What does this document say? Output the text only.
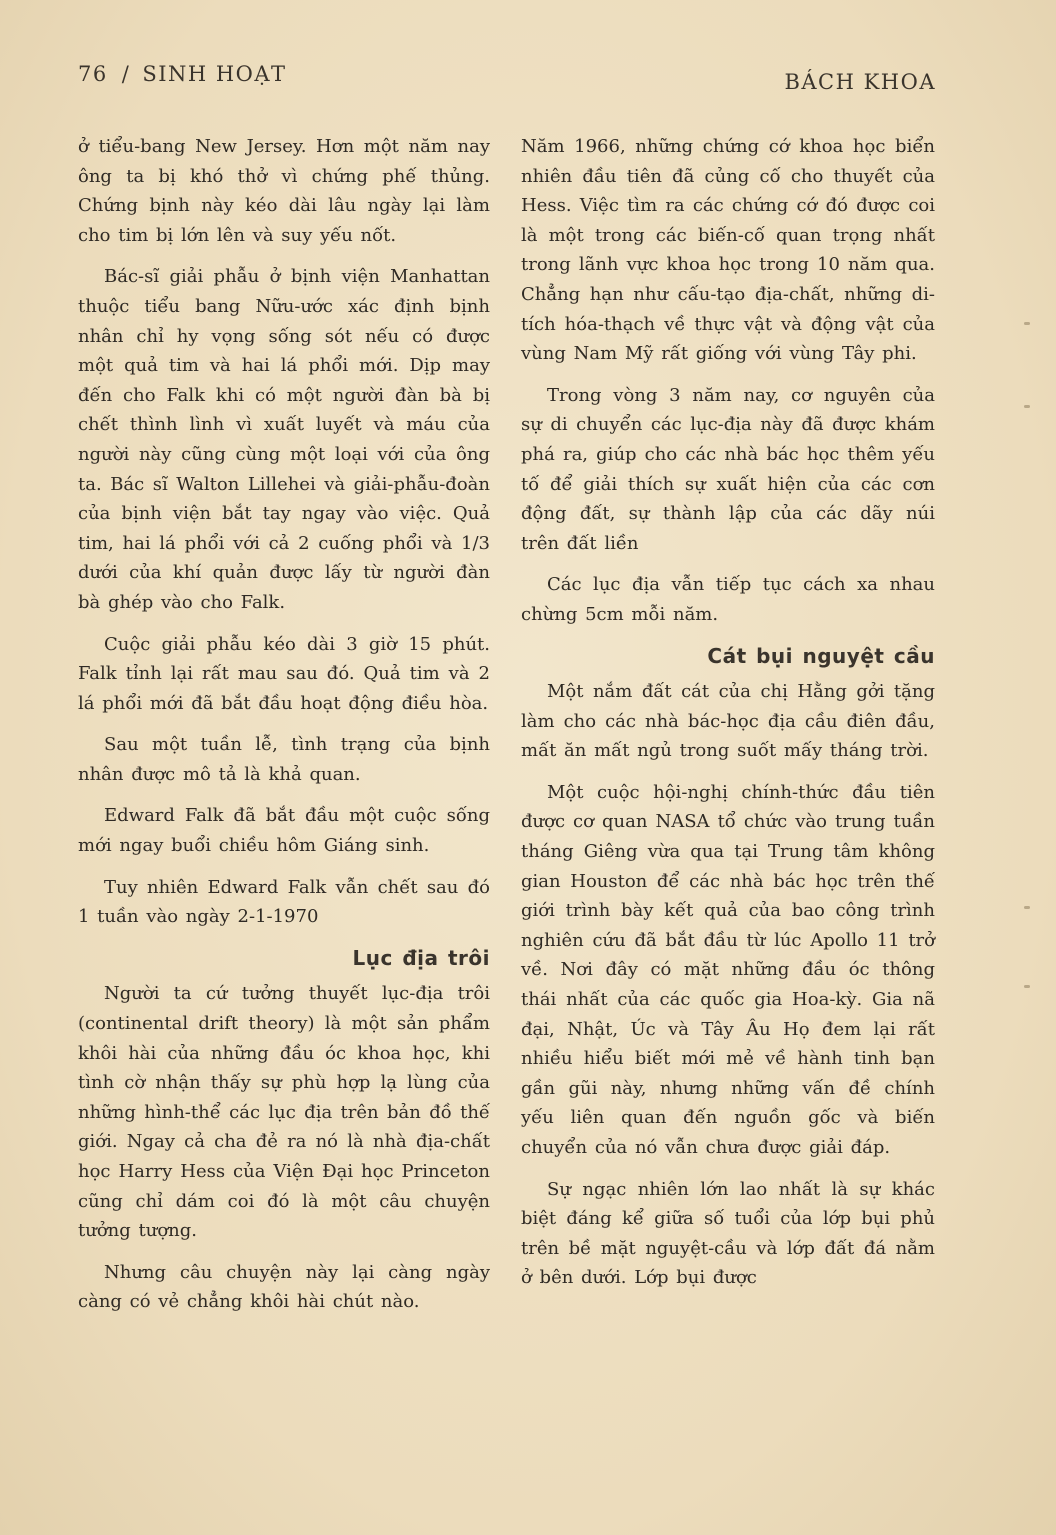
76 / SINH HOẠT	BÁCH KHOA

ở tiểu-bang New Jersey. Hơn một năm nay ông ta bị khó thở vì chứng phế thủng. Chứng bịnh này kéo dài lâu ngày lại làm cho tim bị lớn lên và suy yếu nốt.

Bác-sĩ giải phẫu ở bịnh viện Manhattan thuộc tiểu bang Nữu-ước xác định bịnh nhân chỉ hy vọng sống sót nếu có được một quả tim và hai lá phổi mới. Dịp may đến cho Falk khi có một người đàn bà bị chết thình lình vì xuất luyết và máu của người này cũng cùng một loại với của ông ta. Bác sĩ Walton Lillehei và giải-phẫu-đoàn của bịnh viện bắt tay ngay vào việc. Quả tim, hai lá phổi với cả 2 cuống phổi và 1/3 dưới của khí quản được lấy từ người đàn bà ghép vào cho Falk.

Cuộc giải phẫu kéo dài 3 giờ 15 phút. Falk tỉnh lại rất mau sau đó. Quả tim và 2 lá phổi mới đã bắt đầu hoạt động điều hòa.

Sau một tuần lễ, tình trạng của bịnh nhân được mô tả là khả quan.

Edward Falk đã bắt đầu một cuộc sống mới ngay buổi chiều hôm Giáng sinh.

Tuy nhiên Edward Falk vẫn chết sau đó 1 tuần vào ngày 2-1-1970

Lục địa trôi

Người ta cứ tưởng thuyết lục-địa trôi (continental drift theory) là một sản phẩm khôi hài của những đầu óc khoa học, khi tình cờ nhận thấy sự phù hợp lạ lùng của những hình-thể các lục địa trên bản đồ thế giới. Ngay cả cha đẻ ra nó là nhà địa-chất học Harry Hess của Viện Đại học Princeton cũng chỉ dám coi đó là một câu chuyện tưởng tượng.

Nhưng câu chuyện này lại càng ngày càng có vẻ chẳng khôi hài chút nào.

Năm 1966, những chứng cớ khoa học biển nhiên đầu tiên đã củng cố cho thuyết của Hess. Việc tìm ra các chứng cớ đó được coi là một trong các biến-cố quan trọng nhất trong lãnh vực khoa học trong 10 năm qua. Chẳng hạn như cấu-tạo địa-chất, những di-tích hóa-thạch về thực vật và động vật của vùng Nam Mỹ rất giống với vùng Tây phi.

Trong vòng 3 năm nay, cơ nguyên của sự di chuyển các lục-địa này đã được khám phá ra, giúp cho các nhà bác học thêm yếu tố để giải thích sự xuất hiện của các cơn động đất, sự thành lập của các dãy núi trên đất liền

Các lục địa vẫn tiếp tục cách xa nhau chừng 5cm mỗi năm.

Cát bụi nguyệt cầu

Một nắm đất cát của chị Hằng gởi tặng làm cho các nhà bác-học địa cầu điên đầu, mất ăn mất ngủ trong suốt mấy tháng trời.

Một cuộc hội-nghị chính-thức đầu tiên được cơ quan NASA tổ chức vào trung tuần tháng Giêng vừa qua tại Trung tâm không gian Houston để các nhà bác học trên thế giới trình bày kết quả của bao công trình nghiên cứu đã bắt đầu từ lúc Apollo 11 trở về. Nơi đây có mặt những đầu óc thông thái nhất của các quốc gia Hoa-kỳ. Gia nã đại, Nhật, Úc và Tây Âu Họ đem lại rất nhiều hiểu biết mới mẻ về hành tinh bạn gần gũi này, nhưng những vấn đề chính yếu liên quan đến nguồn gốc và biến chuyển của nó vẫn chưa được giải đáp.

Sự ngạc nhiên lớn lao nhất là sự khác biệt đáng kể giữa số tuổi của lớp bụi phủ trên bề mặt nguyệt-cầu và lớp đất đá nằm ở bên dưới. Lớp bụi được
